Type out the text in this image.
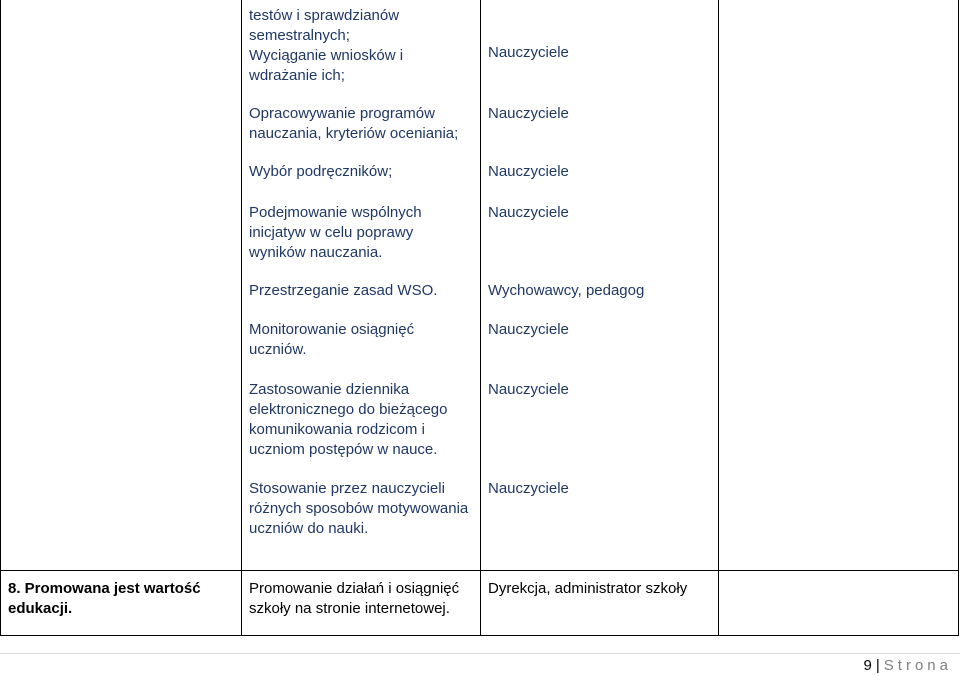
testów i sprawdzianów
semestralnych;
Wyciąganie wniosków i
wdrażanie ich;
Opracowywanie programów
nauczania, kryteriów oceniania;
Wybór podręczników;
Podejmowanie wspólnych
inicjatyw w celu poprawy
wyników nauczania.
Przestrzeganie zasad WSO.
Monitorowanie osiągnięć
uczniów.
Zastosowanie dziennika
elektronicznego do bieżącego
komunikowania rodzicom i
uczniom postępów w nauce.
Stosowanie przez nauczycieli
różnych sposobów motywowania
uczniów do nauki.
Nauczyciele
Nauczyciele
Nauczyciele
Nauczyciele
Wychowawcy, pedagog
Nauczyciele
Nauczyciele
Nauczyciele
8. Promowana jest wartość
edukacji.
Promowanie działań i osiągnięć
szkoły na stronie internetowej.
Dyrekcja, administrator szkoły
9 | Strona
